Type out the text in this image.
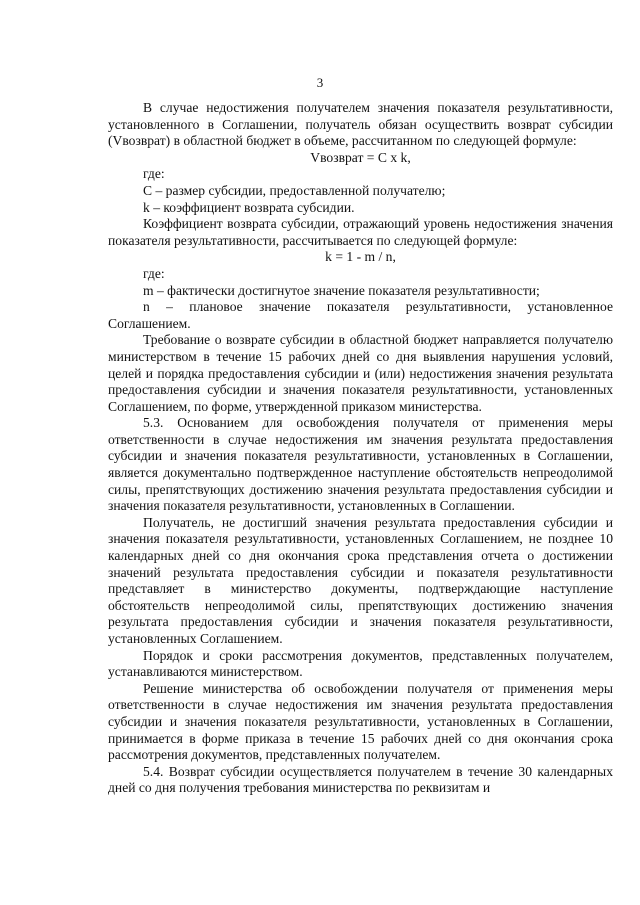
3

В случае недостижения получателем значения показателя результативности, установленного в Соглашении, получатель обязан осуществить возврат субсидии (Vвозврат) в областной бюджет в объеме, рассчитанном по следующей формуле:

Vвозврат = C x k,

где:

C – размер субсидии, предоставленной получателю;

k – коэффициент возврата субсидии.

Коэффициент возврата субсидии, отражающий уровень недостижения значения показателя результативности, рассчитывается по следующей формуле:

k = 1 - m / n,

где:

m – фактически достигнутое значение показателя результативности;

n – плановое значение показателя результативности, установленное Соглашением.

Требование о возврате субсидии в областной бюджет направляется получателю министерством в течение 15 рабочих дней со дня выявления нарушения условий, целей и порядка предоставления субсидии и (или) недостижения значения результата предоставления субсидии и значения показателя результативности, установленных Соглашением, по форме, утвержденной приказом министерства.

5.3. Основанием для освобождения получателя от применения меры ответственности в случае недостижения им значения результата предоставления субсидии и значения показателя результативности, установленных в Соглашении, является документально подтвержденное наступление обстоятельств непреодолимой силы, препятствующих достижению значения результата предоставления субсидии и значения показателя результативности, установленных в Соглашении.

Получатель, не достигший значения результата предоставления субсидии и значения показателя результативности, установленных Соглашением, не позднее 10 календарных дней со дня окончания срока представления отчета о достижении значений результата предоставления субсидии и показателя результативности представляет в министерство документы, подтверждающие наступление обстоятельств непреодолимой силы, препятствующих достижению значения результата предоставления субсидии и значения показателя результативности, установленных Соглашением.

Порядок и сроки рассмотрения документов, представленных получателем, устанавливаются министерством.

Решение министерства об освобождении получателя от применения меры ответственности в случае недостижения им значения результата предоставления субсидии и значения показателя результативности, установленных в Соглашении, принимается в форме приказа в течение 15 рабочих дней со дня окончания срока рассмотрения документов, представленных получателем.

5.4. Возврат субсидии осуществляется получателем в течение 30 календарных дней со дня получения требования министерства по реквизитам и
